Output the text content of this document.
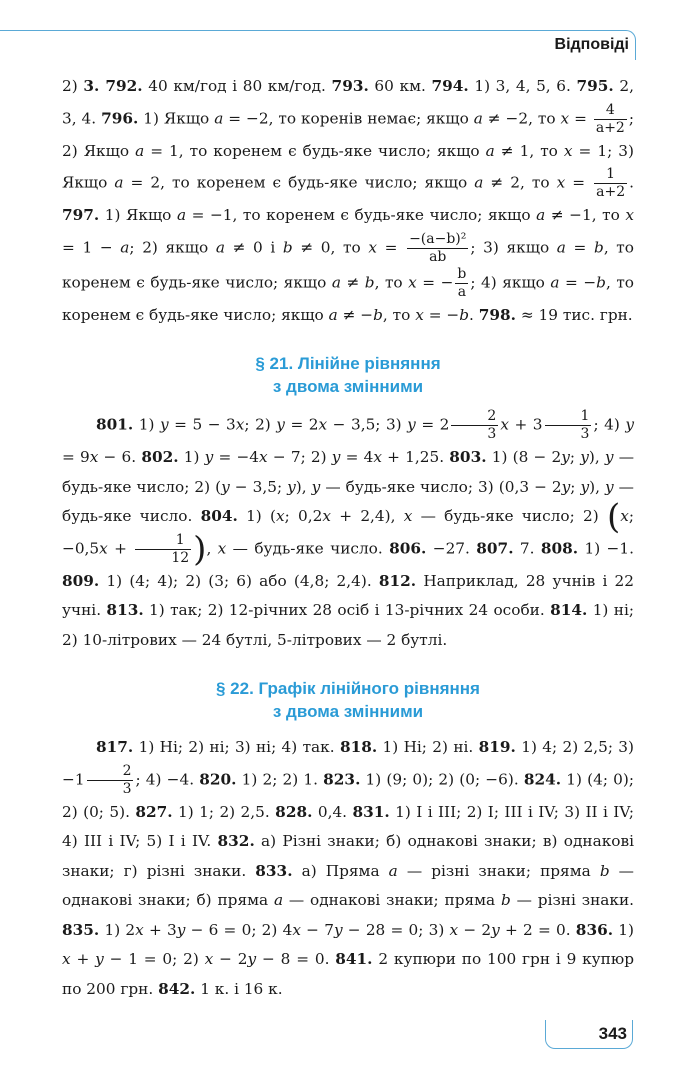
Відповіді

2) 3. 792. 40 км/год і 80 км/год. 793. 60 км. 794. 1) 3, 4, 5, 6. 795. 2, 3, 4. 796. 1) Якщо a = −2, то коренів немає; якщо a ≠ −2, то $x = \frac{4}{a+2}$ ; 2) Якщо a = 1, то коренем є будь-яке число; якщо a ≠ 1, то x = 1; 3) Якщо a = 2, то коренем є будь-яке число; якщо a ≠ 2, то $x = \frac{1}{a+2}$ . 797. 1) Якщо a = −1, то коренем є будь-яке число; якщо a ≠ −1, то x = 1 − a; 2) якщо a ≠ 0 і b ≠ 0, то $x = \frac{\text{−(a−b)²}}{ab}$ ; 3) якщо a = b, то коренем є будь-яке число; якщо a ≠ b, то x = − $\frac{b}{a}$ ; 4) якщо a = −b, то коренем є будь-яке число; якщо a ≠ −b, то x = −b. 798. ≈ 19 тис. грн.

§ 21. Лінійне рівняння
з двома змінними

801. 1) y = 5 − 3x; 2) y = 2x − 3,5; 3) $y = 2 \frac{2}{3}$ $x + 3 \frac{1}{3}$ ; 4) y = 9x − 6. 802. 1) y = −4x − 7; 2) y = 4x + 1,25. 803. 1) (8 − 2y; y), y — будь-яке число; 2) (y − 3,5; y), y — будь-яке число; 3) (0,3 − 2y; y), y — будь-яке число. 804. 1) (x; 0,2x + 2,4), x — будь-яке число; 2) (x; $-0,5x + \frac{1}{12}$ ), x — будь-яке число. 806. −27. 807. 7. 808. 1) −1. 809. 1) (4; 4); 2) (3; 6) або (4,8; 2,4). 812. Наприклад, 28 учнів і 22 учні. 813. 1) так; 2) 12-річних 28 осіб і 13-річних 24 особи. 814. 1) ні; 2) 10-літрових — 24 бутлі, 5-літрових — 2 бутлі.

§ 22. Графік лінійного рівняння
з двома змінними

817. 1) Ні; 2) ні; 3) ні; 4) так. 818. 1) Ні; 2) ні. 819. 1) 4; 2) 2,5; $3) -1 \frac{2}{3}$ ; 4) −4. 820. 1) 2; 2) 1. 823. 1) (9; 0); 2) (0; −6). 824. 1) (4; 0); 2) (0; 5). 827. 1) 1; 2) 2,5. 828. 0,4. 831. 1) I і III; 2) I; III і IV; 3) II і IV; 4) III і IV; 5) I і IV. 832. а) Різні знаки; б) однакові знаки; в) однакові знаки; г) різні знаки. 833. а) Пряма a — різні знаки; пряма b — однакові знаки; б) пряма a — однакові знаки; пряма b — різні знаки. 835. 1) 2x + 3y − 6 = 0; 2) 4x − 7y − 28 = 0; 3) x − 2y + 2 = 0. 836. 1) x + y − 1 = 0; 2) x − 2y − 8 = 0. 841. 2 купюри по 100 грн і 9 купюр по 200 грн. 842. 1 к. і 16 к.

343
